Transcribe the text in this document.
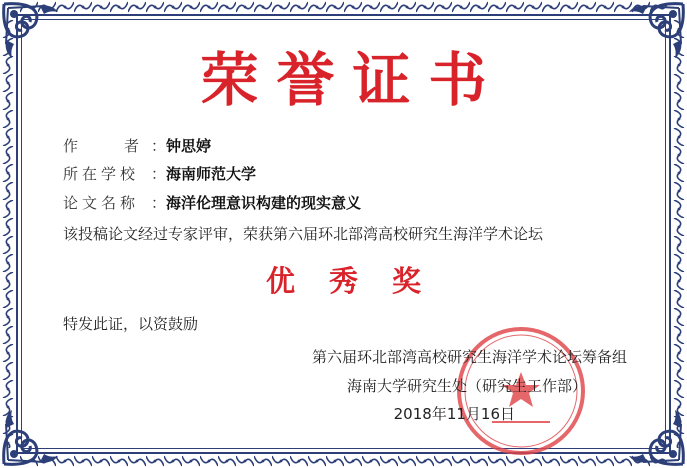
荣誉证书
作	者 ：钟思婷
所在学校 ：海南师范大学
论文名称 ：海洋伦理意识构建的现实意义
该投稿论文经过专家评审，荣获第六届环北部湾高校研究生海洋学术论坛
优秀奖
特发此证，以资鼓励
第六届环北部湾高校研究生海洋学术论坛筹备组
海南大学研究生处（研究生工作部）
2018年11月16日
